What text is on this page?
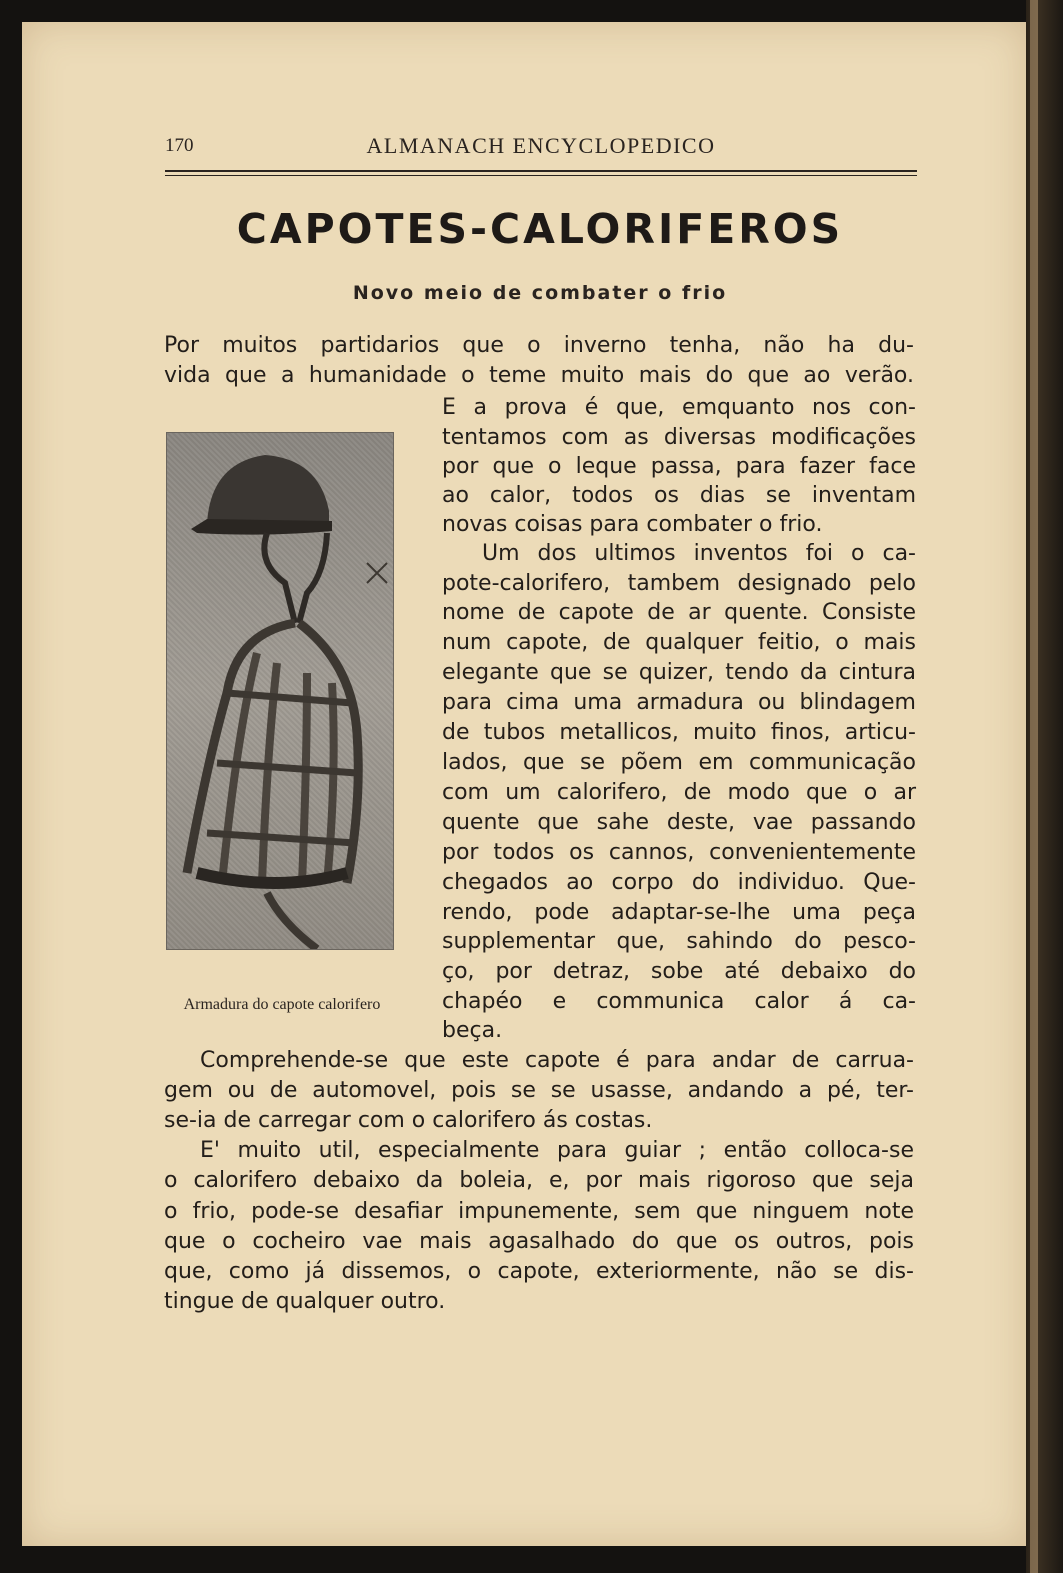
170	ALMANACH ENCYCLOPEDICO
CAPOTES-CALORIFEROS
Novo meio de combater o frio

Por muitos partidarios que o inverno tenha, não ha du-

vida que a humanidade o teme muito mais do que ao verão.

Armadura do capote calorifero

E a prova é que, emquanto nos con-

tentamos com as diversas modificações

por que o leque passa, para fazer face

ao calor, todos os dias se inventam

novas coisas para combater o frio.

Um dos ultimos inventos foi o ca-

pote-calorifero, tambem designado pelo

nome de capote de ar quente. Consiste

num capote, de qualquer feitio, o mais

elegante que se quizer, tendo da cintura

para cima uma armadura ou blindagem

de tubos metallicos, muito finos, articu-

lados, que se põem em communicação

com um calorifero, de modo que o ar

quente que sahe deste, vae passando

por todos os cannos, convenientemente

chegados ao corpo do individuo. Que-

rendo, pode adaptar-se-lhe uma peça

supplementar que, sahindo do pesco-

ço, por detraz, sobe até debaixo do

chapéo e communica calor á ca-

beça.

Comprehende-se que este capote é para andar de carrua-

gem ou de automovel, pois se se usasse, andando a pé, ter-

se-ia de carregar com o calorifero ás costas.

E' muito util, especialmente para guiar ; então colloca-se

o calorifero debaixo da boleia, e, por mais rigoroso que seja

o frio, pode-se desafiar impunemente, sem que ninguem note

que o cocheiro vae mais agasalhado do que os outros, pois

que, como já dissemos, o capote, exteriormente, não se dis-

tingue de qualquer outro.
